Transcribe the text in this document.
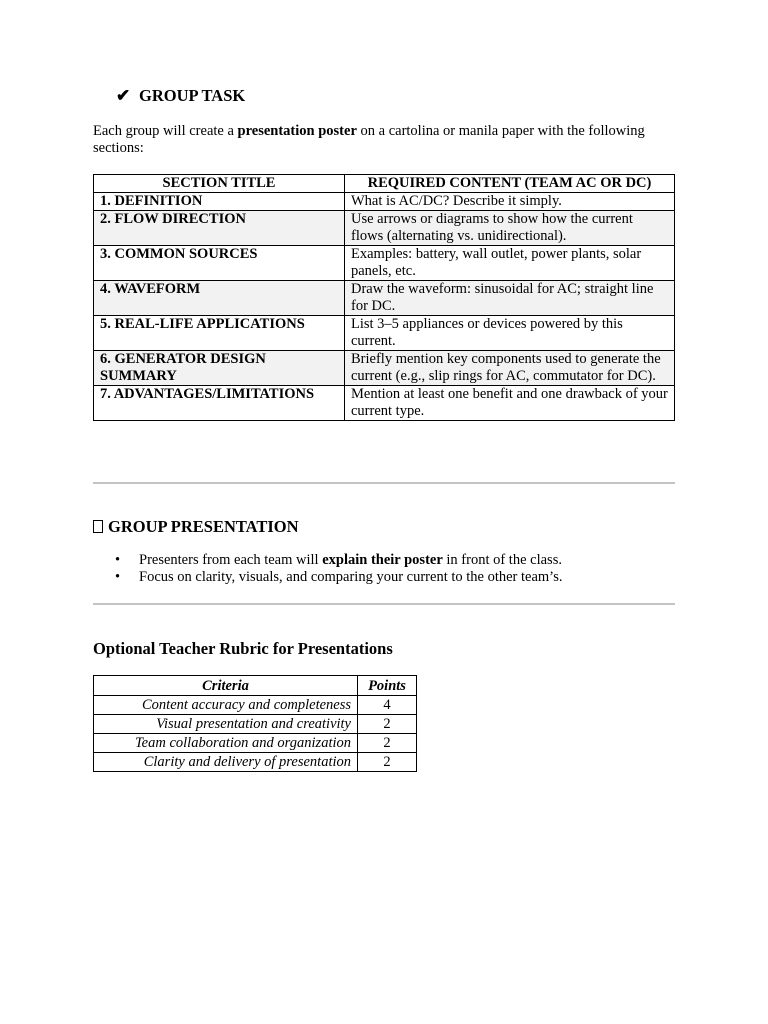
✔ GROUP TASK
Each group will create a presentation poster on a cartolina or manila paper with the following sections:
SECTION TITLE	REQUIRED CONTENT (TEAM AC OR DC)
1. DEFINITION	What is AC/DC? Describe it simply.
2. FLOW DIRECTION	Use arrows or diagrams to show how the current flows (alternating vs. unidirectional).
3. COMMON SOURCES	Examples: battery, wall outlet, power plants, solar panels, etc.
4. WAVEFORM	Draw the waveform: sinusoidal for AC; straight line for DC.
5. REAL-LIFE APPLICATIONS	List 3–5 appliances or devices powered by this current.
6. GENERATOR DESIGN SUMMARY	Briefly mention key components used to generate the current (e.g., slip rings for AC, commutator for DC).
7. ADVANTAGES/LIMITATIONS	Mention at least one benefit and one drawback of your current type.
GROUP PRESENTATION
• Presenters from each team will explain their poster in front of the class.
• Focus on clarity, visuals, and comparing your current to the other team’s.
Optional Teacher Rubric for Presentations
Criteria	Points
Content accuracy and completeness	4
Visual presentation and creativity	2
Team collaboration and organization	2
Clarity and delivery of presentation	2
